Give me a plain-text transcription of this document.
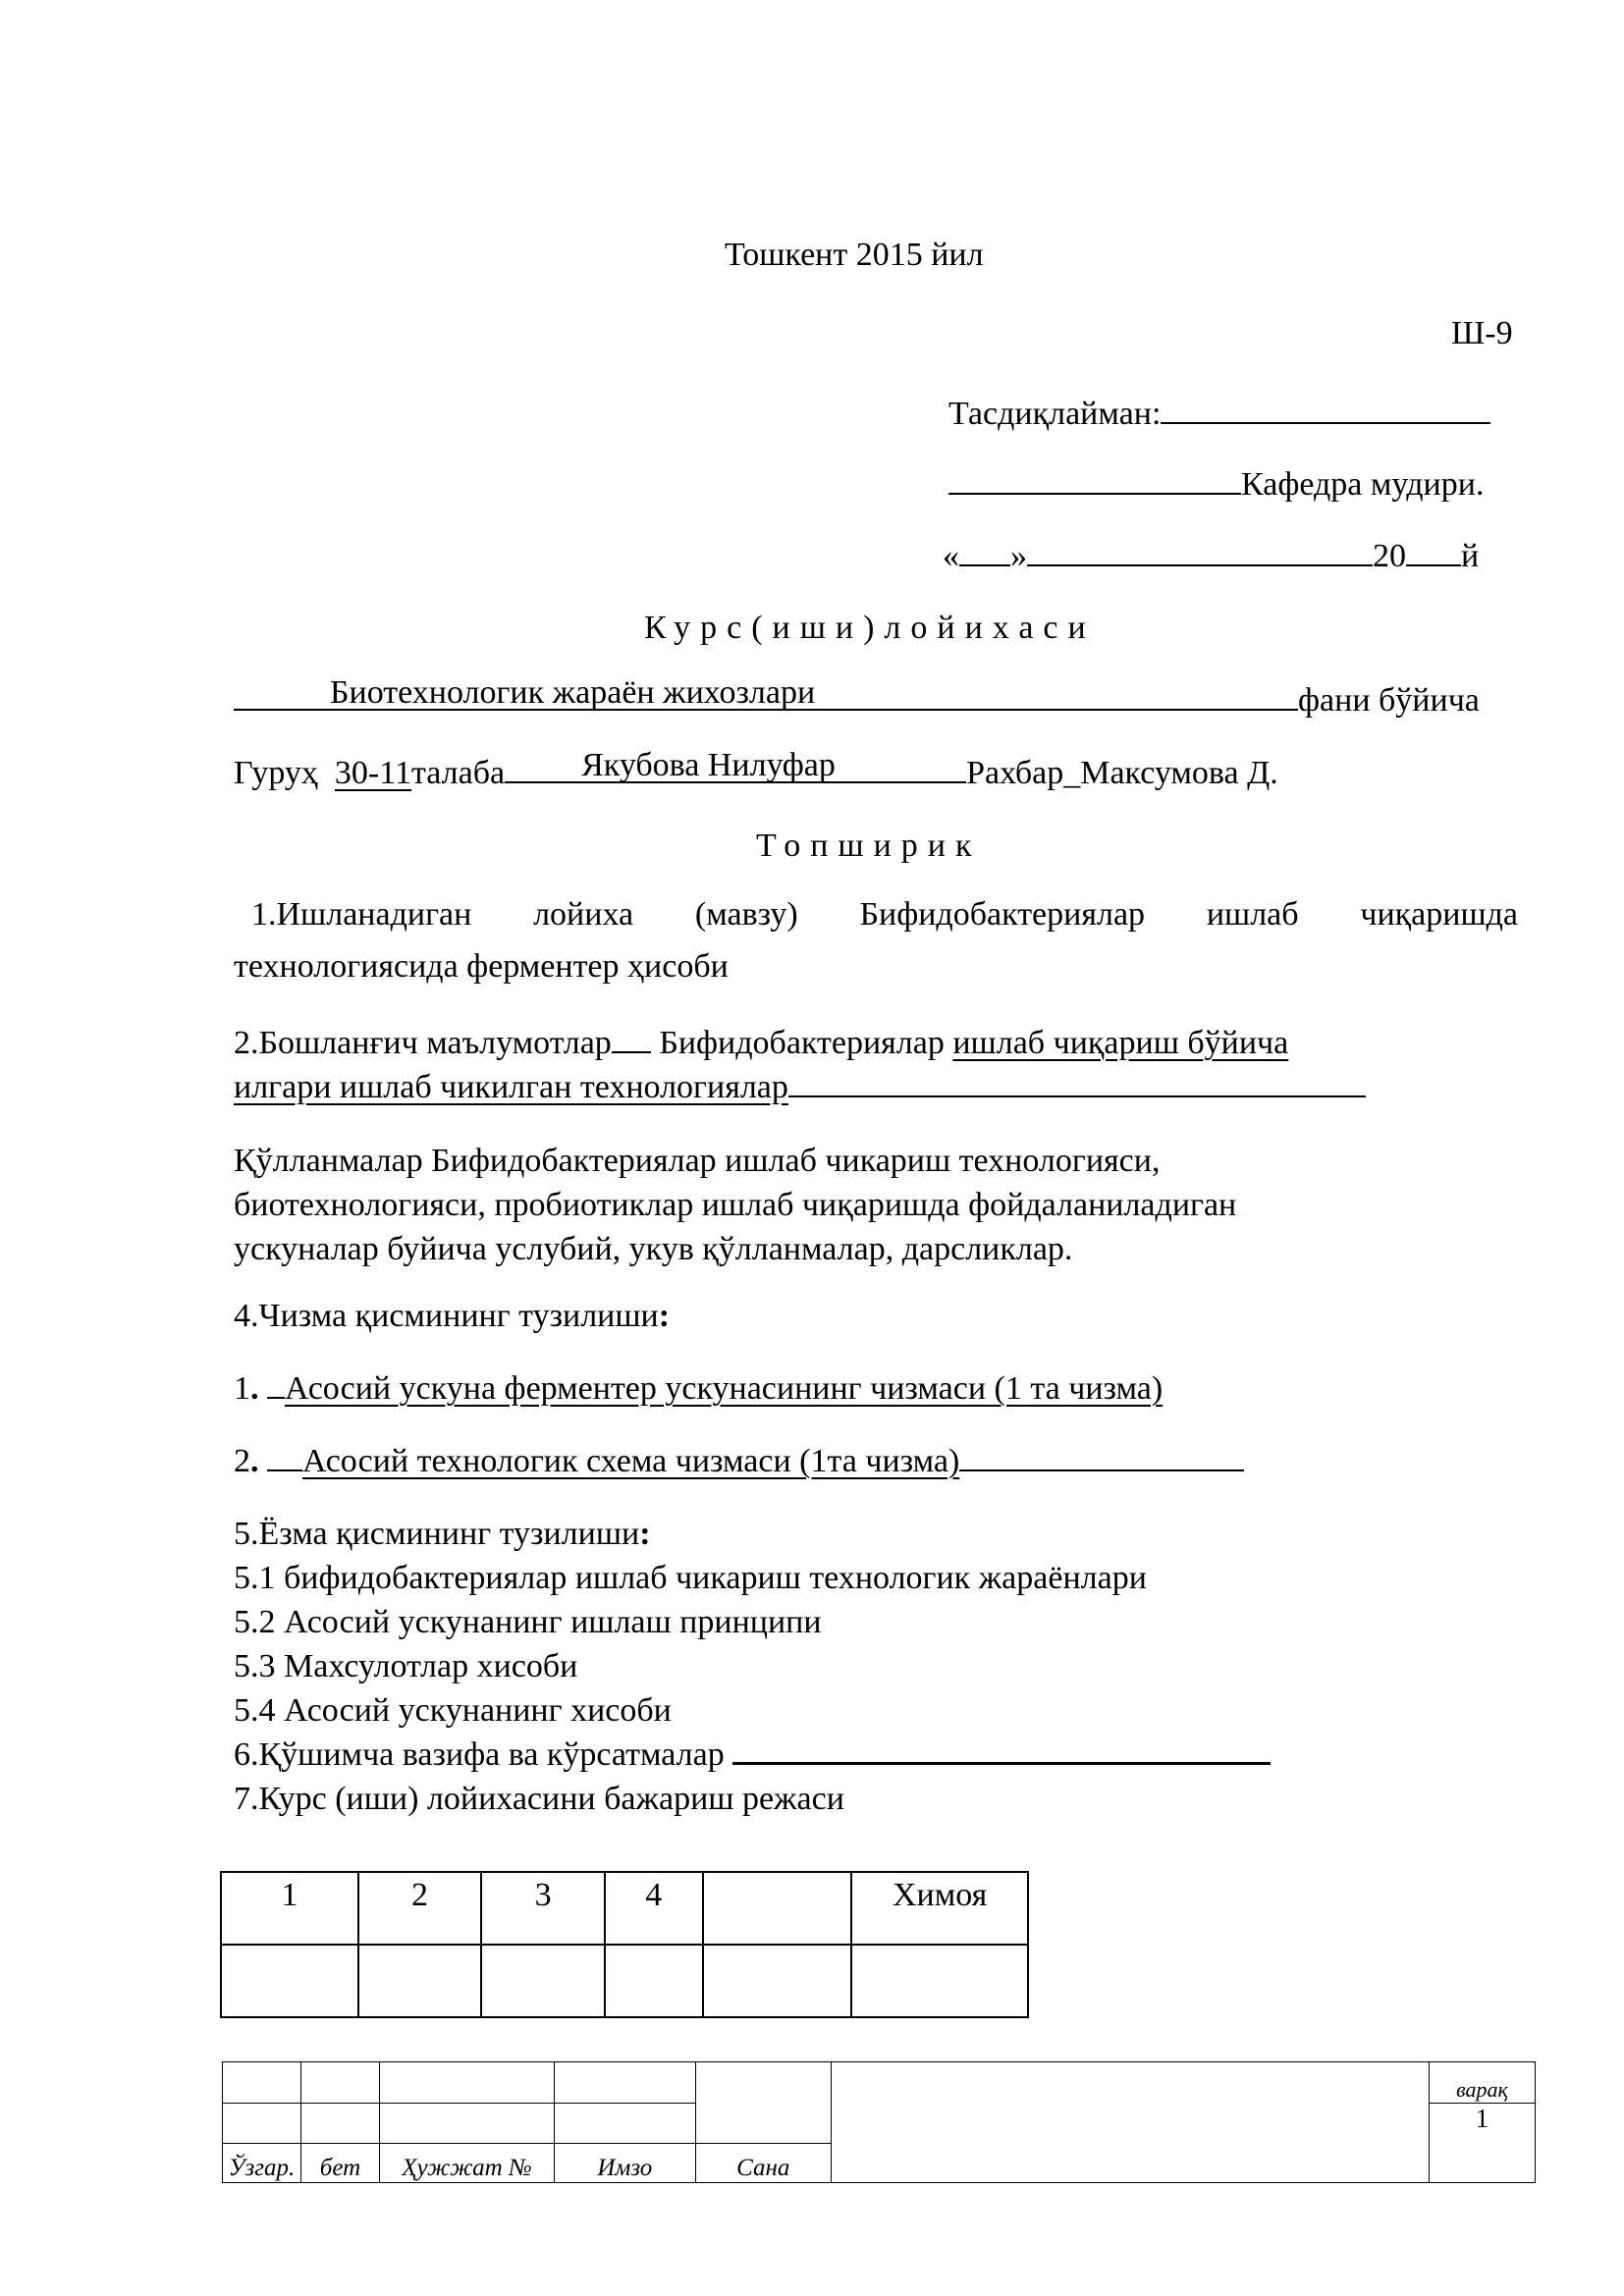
Тошкент 2015 йил
Ш-9
Тасдиқлайман:
Кафедра мудири.
« »	20 й
Курс(иши)лойихаси
Биотехнологик жараён жихозлари	фани бўйича
Гуруҳ 30-11талаба Якубова Нилуфар	Рахбар_Максумова Д.
Топширик
1.Ишланадиган лойиха (мавзу) Бифидобактериялар ишлаб чиқаришда
технологиясида ферментер ҳисоби
2.Бошланғич маълумотлар Бифидобактериялар ишлаб чиқариш бўйича
илгари ишлаб чикилган технологиялар
Қўлланмалар Бифидобактериялар ишлаб чикариш технологияси,
биотехнологияси, пробиотиклар ишлаб чиқаришда фойдаланиладиган
ускуналар буйича услубий, укув қўлланмалар, дарсликлар.
4.Чизма қисмининг тузилиши:
1. Асосий ускуна ферментер ускунасининг чизмаси (1 та чизма)
2. Асосий технологик схема чизмаси (1та чизма)
5.Ёзма қисмининг тузилиши:
5.1 бифидобактериялар ишлаб чикариш технологик жараёнлари
5.2 Асосий ускунанинг ишлаш принципи
5.3 Махсулотлар хисоби
5.4 Асосий ускунанинг хисоби
6.Қўшимча вазифа ва кўрсатмалар
7.Курс (иши) лойихасини бажариш режаси
1	2	3	4		Химоя

						варақ
						1
Ўзгар.	бет	Ҳужжат №	Имзо	Сана		
